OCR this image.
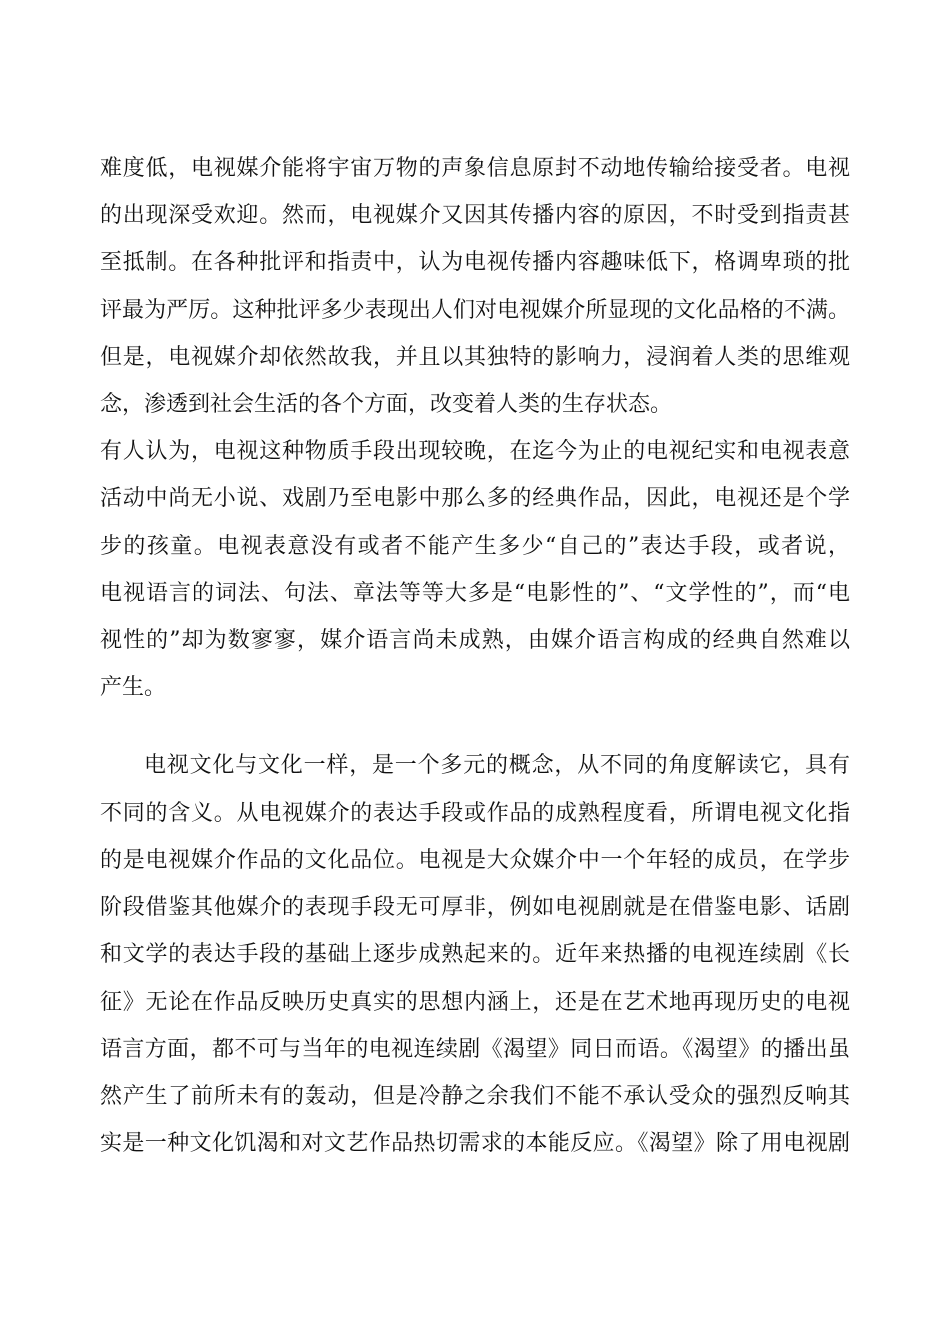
难度低，电视媒介能将宇宙万物的声象信息原封不动地传输给接受者。电视
的出现深受欢迎。然而，电视媒介又因其传播内容的原因，不时受到指责甚
至抵制。在各种批评和指责中，认为电视传播内容趣味低下，格调卑琐的批
评最为严厉。这种批评多少表现出人们对电视媒介所显现的文化品格的不满。
但是，电视媒介却依然故我，并且以其独特的影响力，浸润着人类的思维观
念，渗透到社会生活的各个方面，改变着人类的生存状态。
有人认为，电视这种物质手段出现较晚，在迄今为止的电视纪实和电视表意
活动中尚无小说、戏剧乃至电影中那么多的经典作品，因此，电视还是个学
步的孩童。电视表意没有或者不能产生多少“自己的”表达手段，或者说，
电视语言的词法、句法、章法等等大多是“电影性的”、“文学性的”，而“电
视性的”却为数寥寥，媒介语言尚未成熟，由媒介语言构成的经典自然难以
产生。
电视文化与文化一样，是一个多元的概念，从不同的角度解读它，具有
不同的含义。从电视媒介的表达手段或作品的成熟程度看，所谓电视文化指
的是电视媒介作品的文化品位。电视是大众媒介中一个年轻的成员，在学步
阶段借鉴其他媒介的表现手段无可厚非，例如电视剧就是在借鉴电影、话剧
和文学的表达手段的基础上逐步成熟起来的。近年来热播的电视连续剧《长
征》无论在作品反映历史真实的思想内涵上，还是在艺术地再现历史的电视
语言方面，都不可与当年的电视连续剧《渴望》同日而语。《渴望》的播出虽
然产生了前所未有的轰动，但是冷静之余我们不能不承认受众的强烈反响其
实是一种文化饥渴和对文艺作品热切需求的本能反应。《渴望》除了用电视剧
